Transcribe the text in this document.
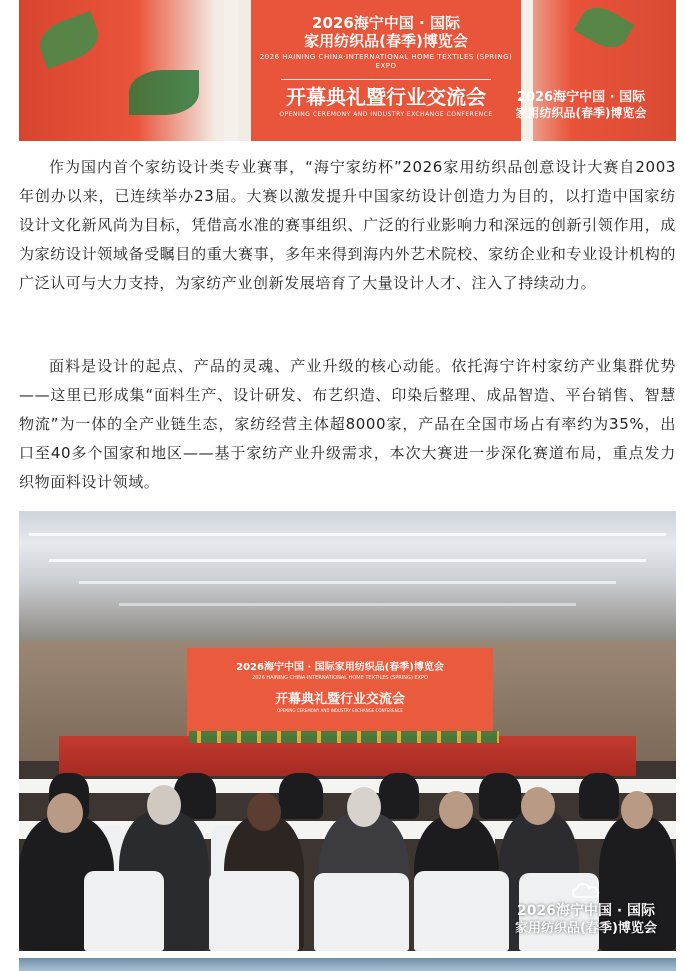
2026海宁中国 · 国际
家用纺织品(春季)博览会
2026 HAINING CHINA·INTERNATIONAL HOME TEXTILES (SPRING) EXPO
开幕典礼暨行业交流会
OPENING CEREMONY AND INDUSTRY EXCHANGE CONFERENCE
2026海宁中国 · 国际
家用纺织品(春季)博览会

作为国内首个家纺设计类专业赛事，“海宁家纺杯”2026家用纺织品创意设计大赛自2003年创办以来，已连续举办23届。大赛以激发提升中国家纺设计创造力为目的，以打造中国家纺设计文化新风尚为目标，凭借高水准的赛事组织、广泛的行业影响力和深远的创新引领作用，成为家纺设计领域备受瞩目的重大赛事，多年来得到海内外艺术院校、家纺企业和专业设计机构的广泛认可与大力支持，为家纺产业创新发展培育了大量设计人才、注入了持续动力。

面料是设计的起点、产品的灵魂、产业升级的核心动能。依托海宁许村家纺产业集群优势——这里已形成集“面料生产、设计研发、布艺织造、印染后整理、成品智造、平台销售、智慧物流”为一体的全产业链生态，家纺经营主体超8000家，产品在全国市场占有率约为35%，出口至40多个国家和地区——基于家纺产业升级需求，本次大赛进一步深化赛道布局，重点发力织物面料设计领域。

2026海宁中国 · 国际家用纺织品(春季)博览会
2026 HAINING CHINA·INTERNATIONAL HOME TEXTILES (SPRING) EXPO
开幕典礼暨行业交流会
OPENING CEREMONY AND INDUSTRY EXCHANGE CONFERENCE
2026海宁中国 · 国际
家用纺织品(春季)博览会
